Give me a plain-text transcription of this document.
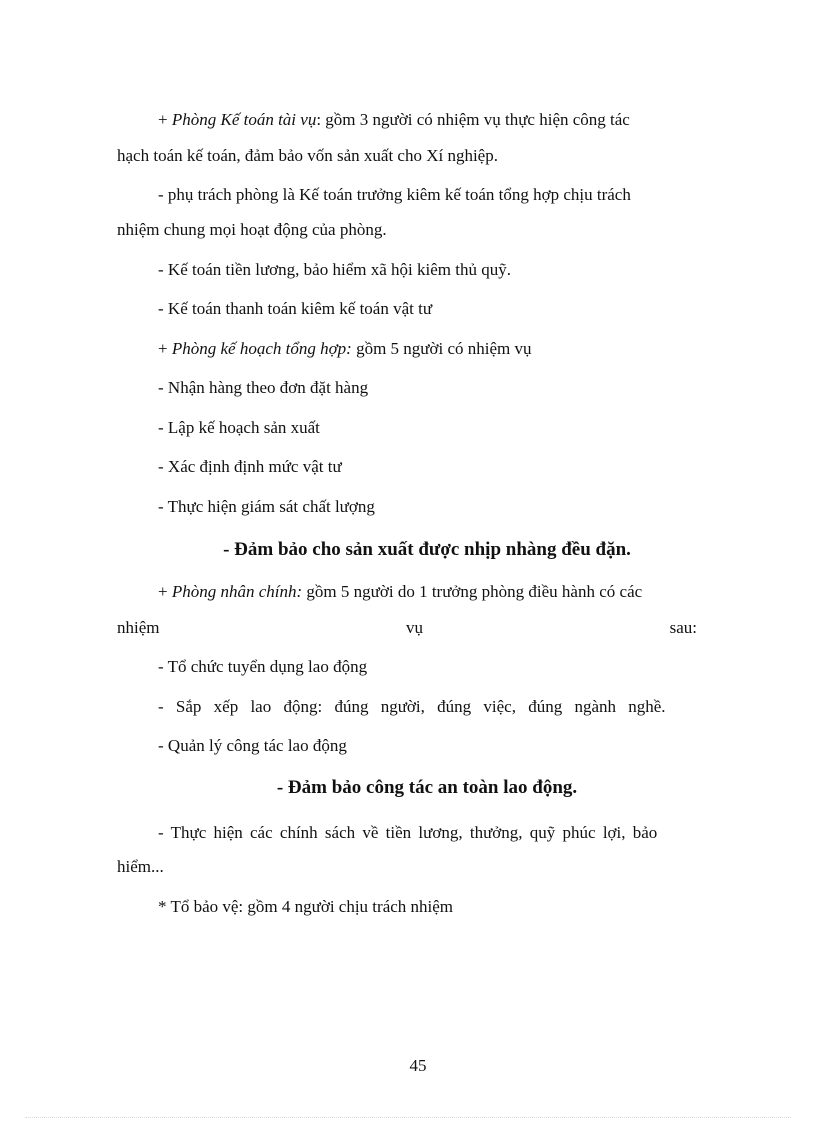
+ Phòng Kế toán tài vụ: gồm 3 người có nhiệm vụ thực hiện công tác
hạch toán kế toán, đảm bảo vốn sản xuất cho Xí nghiệp.
- phụ trách phòng là Kế toán trưởng kiêm kế toán tổng hợp chịu trách
nhiệm chung mọi hoạt động của phòng.
- Kế toán tiền lương, bảo hiểm xã hội kiêm thủ quỹ.
- Kế toán thanh toán kiêm kế toán vật tư
+ Phòng kế hoạch tổng hợp: gồm 5 người có nhiệm vụ
- Nhận hàng theo đơn đặt hàng
- Lập kế hoạch sản xuất
- Xác định định mức vật tư
- Thực hiện giám sát chất lượng
- Đảm bảo cho sản xuất được nhịp nhàng đều đặn.
+ Phòng nhân chính: gồm 5 người do 1 trưởng phòng điều hành có các
nhiệm	vụ	sau:
- Tổ chức tuyển dụng lao động
- Sắp xếp lao động: đúng người, đúng việc, đúng ngành nghề.
- Quản lý công tác lao động
- Đảm bảo công tác an toàn lao động.
- Thực hiện các chính sách về tiền lương, thưởng, quỹ phúc lợi, bảo
hiểm...
* Tổ bảo vệ: gồm 4 người chịu trách nhiệm
45
